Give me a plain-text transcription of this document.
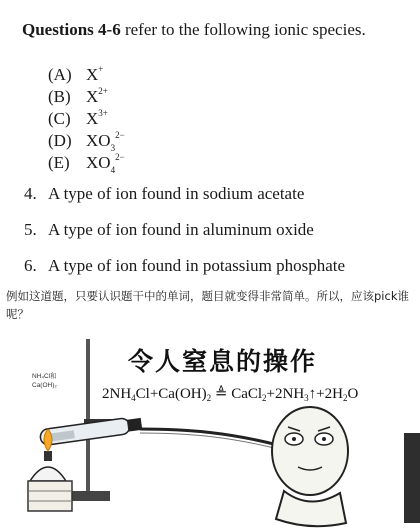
Questions 4-6 refer to the following ionic species.
(A) X+
(B) $X^{2+}$
(C) $X^{3+}$
(D) $XO_3^{2-}$
(E) $XO_4^{2-}$
4. A type of ion found in sodium acetate
5. A type of ion found in aluminum oxide
6. A type of ion found in potassium phosphate
例如这道题，只要认识题干中的单词，题目就变得非常简单。所以，应该pick谁呢？
令人窒息的操作
NH₄Cl和
Ca(OH)₂
$2NH_4Cl+Ca(OH)_2$ ≜ $CaCl_2+2NH_3↑+2H_2O$
